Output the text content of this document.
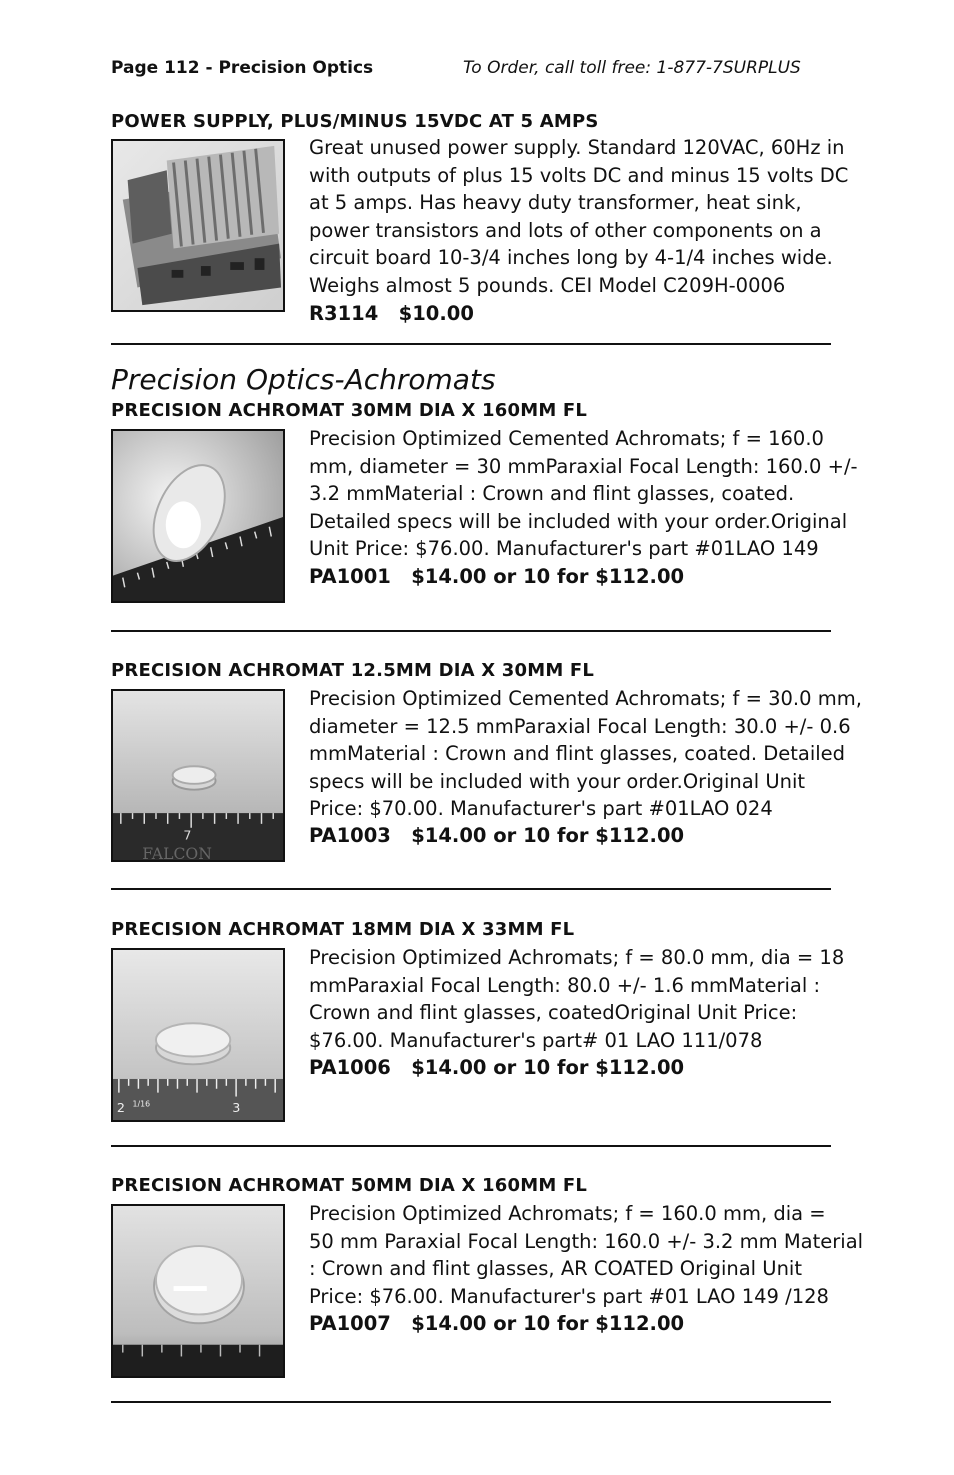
Page 112 - Precision Optics	To Order, call toll free: 1-877-7SURPLUS
POWER SUPPLY, PLUS/MINUS 15VDC AT 5 AMPS
Great unused power supply. Standard 120VAC, 60Hz in
with outputs of plus 15 volts DC and minus 15 volts DC
at 5 amps. Has heavy duty transformer, heat sink,
power transistors and lots of other components on a
circuit board 10-3/4 inches long by 4-1/4 inches wide.
Weighs almost 5 pounds. CEI Model C209H-0006
R3114   $10.00
Precision Optics-Achromats
PRECISION ACHROMAT 30MM DIA X 160MM FL
Precision Optimized Cemented Achromats; f = 160.0
mm, diameter = 30 mmParaxial Focal Length: 160.0 +/-
3.2 mmMaterial : Crown and flint glasses, coated.
Detailed specs will be included with your order.Original
Unit Price: $76.00. Manufacturer's part #01LAO 149
PA1001   $14.00 or 10 for $112.00
PRECISION ACHROMAT 12.5MM DIA X 30MM FL
7
FALCON
Precision Optimized Cemented Achromats; f = 30.0 mm,
diameter = 12.5 mmParaxial Focal Length: 30.0 +/- 0.6
mmMaterial : Crown and flint glasses, coated. Detailed
specs will be included with your order.Original Unit
Price: $70.00. Manufacturer's part #01LAO 024
PA1003   $14.00 or 10 for $112.00
PRECISION ACHROMAT 18MM DIA X 33MM FL
2 1/16	3
Precision Optimized Achromats; f = 80.0 mm, dia = 18
mmParaxial Focal Length: 80.0 +/- 1.6 mmMaterial :
Crown and flint glasses, coatedOriginal Unit Price:
$76.00. Manufacturer's part# 01 LAO 111/078
PA1006   $14.00 or 10 for $112.00
PRECISION ACHROMAT 50MM DIA X 160MM FL
Precision Optimized Achromats; f = 160.0 mm, dia =
50 mm Paraxial Focal Length: 160.0 +/- 3.2 mm Material
: Crown and flint glasses, AR COATED Original Unit
Price: $76.00. Manufacturer's part #01 LAO 149 /128
PA1007   $14.00 or 10 for $112.00
